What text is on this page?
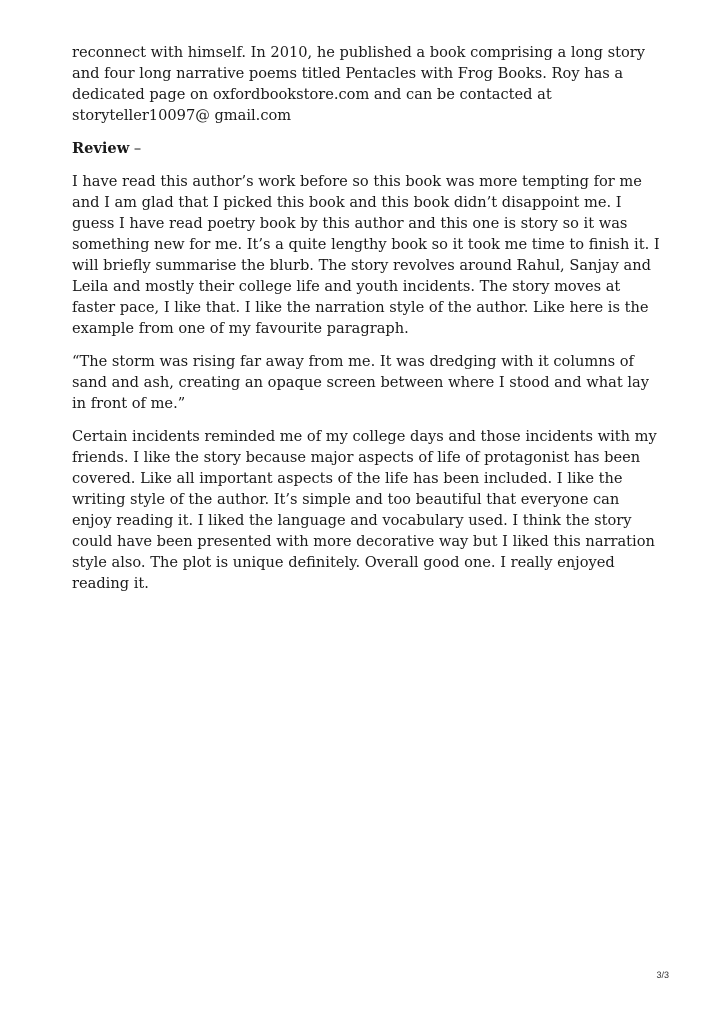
reconnect with himself. In 2010, he published a book comprising a long story and four long narrative poems titled Pentacles with Frog Books. Roy has a dedicated page on oxfordbookstore.com and can be contacted at storyteller10097@ gmail.com

Review –

I have read this author’s work before so this book was more tempting for me and I am glad that I picked this book and this book didn’t disappoint me. I guess I have read poetry book by this author and this one is story so it was something new for me. It’s a quite lengthy book so it took me time to finish it. I will briefly summarise the blurb. The story revolves around Rahul, Sanjay and Leila and mostly their college life and youth incidents. The story moves at faster pace, I like that. I like the narration style of the author. Like here is the example from one of my favourite paragraph.

“The storm was rising far away from me. It was dredging with it columns of sand and ash, creating an opaque screen between where I stood and what lay in front of me.”

Certain incidents reminded me of my college days and those incidents with my friends. I like the story because major aspects of life of protagonist has been covered. Like all important aspects of the life has been included. I like the writing style of the author. It’s simple and too beautiful that everyone can enjoy reading it. I liked the language and vocabulary used. I think the story could have been presented with more decorative way but I liked this narration style also. The plot is unique definitely. Overall good one. I really enjoyed reading it.

3/3
